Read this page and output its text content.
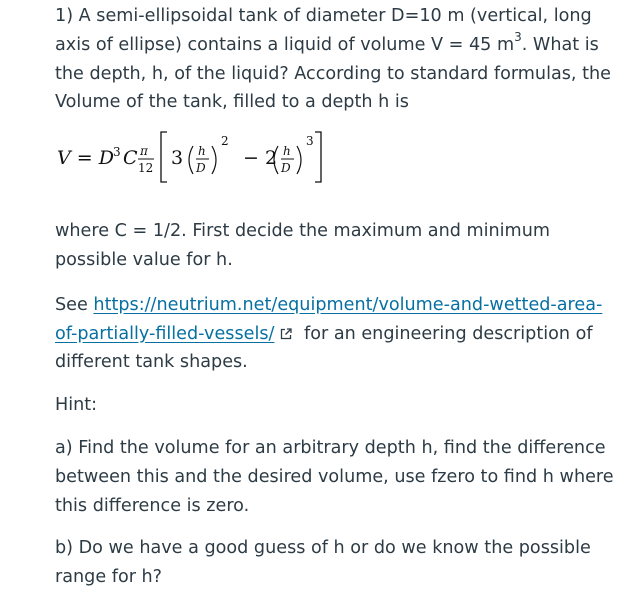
1) A semi-ellipsoidal tank of diameter D=10 m (vertical, long axis of ellipse) contains a liquid of volume V = 45 $m^3$. What is the depth, h, of the liquid? According to standard formulas, the Volume of the tank, filled to a depth h is

where C = 1/2. First decide the maximum and minimum possible value for h.

See https://neutrium.net/equipment/volume-and-wetted-area-of-partially-filled-vessels/ for an engineering description of different tank shapes.

Hint:

a) Find the volume for an arbitrary depth h, find the difference between this and the desired volume, use fzero to find h where this difference is zero.

b) Do we have a good guess of h or do we know the possible range for h?

V = D 3 C π
12 3 h
D
2
− 2 h
D
3
